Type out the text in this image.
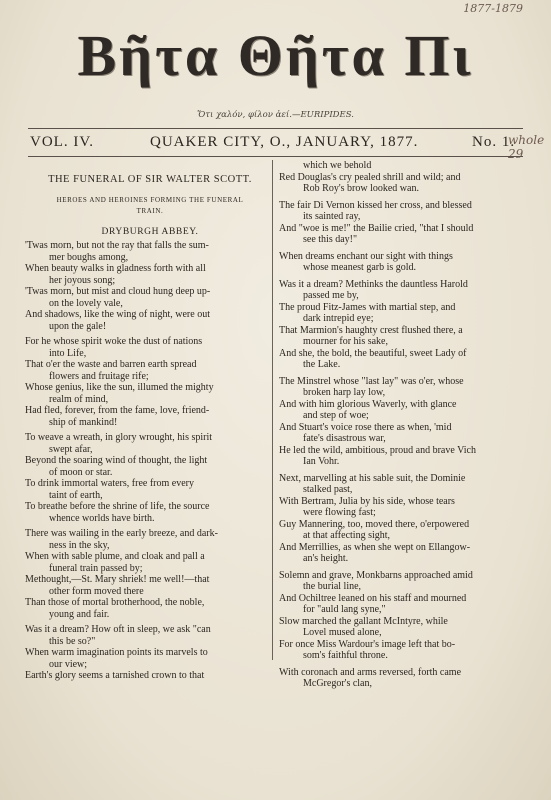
1877-1879
Βῆτα Θῆτα Πι
Ὅτι χαλόν, φίλον ἀεί.—EURIPIDES.
VOL. IV.	QUAKER CITY, O., JANUARY, 1877.	No. 1.
whole
29
THE FUNERAL OF SIR WALTER SCOTT.
HEROES AND HEROINES FORMING THE FUNERAL
TRAIN.
DRYBURGH ABBEY.
'Twas morn, but not the ray that falls the sum-
mer boughs among,
When beauty walks in gladness forth with all
her joyous song;
'Twas morn, but mist and cloud hung deep up-
on the lovely vale,
And shadows, like the wing of night, were out
upon the gale!
For he whose spirit woke the dust of nations
into Life,
That o'er the waste and barren earth spread
flowers and fruitage rife;
Whose genius, like the sun, illumed the mighty
realm of mind,
Had fled, forever, from the fame, love, friend-
ship of mankind!
To weave a wreath, in glory wrought, his spirit
swept afar,
Beyond the soaring wind of thought, the light
of moon or star.
To drink immortal waters, free from every
taint of earth,
To breathe before the shrine of life, the source
whence worlds have birth.
There was wailing in the early breeze, and dark-
ness in the sky,
When with sable plume, and cloak and pall a
funeral train passed by;
Methought,—St. Mary shriek! me well!—that
other form moved there
Than those of mortal brotherhood, the noble,
young and fair.
Was it a dream? How oft in sleep, we ask "can
this be so?"
When warm imagination points its marvels to
our view;
Earth's glory seems a tarnished crown to that
which we behold
Red Douglas's cry pealed shrill and wild; and
Rob Roy's brow looked wan.
The fair Di Vernon kissed her cross, and blessed
its sainted ray,
And "woe is me!" the Bailie cried, "that I should
see this day!"
When dreams enchant our sight with things
whose meanest garb is gold.
Was it a dream? Methinks the dauntless Harold
passed me by,
The proud Fitz-James with martial step, and
dark intrepid eye;
That Marmion's haughty crest flushed there, a
mourner for his sake,
And she, the bold, the beautiful, sweet Lady of
the Lake.
The Minstrel whose "last lay" was o'er, whose
broken harp lay low,
And with him glorious Waverly, with glance
and step of woe;
And Stuart's voice rose there as when, 'mid
fate's disastrous war,
He led the wild, ambitious, proud and brave Vich
Ian Vohr.
Next, marvelling at his sable suit, the Dominie
stalked past,
With Bertram, Julia by his side, whose tears
were flowing fast;
Guy Mannering, too, moved there, o'erpowered
at that affecting sight,
And Merrillies, as when she wept on Ellangow-
an's height.
Solemn and grave, Monkbarns approached amid
the burial line,
And Ochiltree leaned on his staff and mourned
for "auld lang syne,"
Slow marched the gallant McIntyre, while
Lovel mused alone,
For once Miss Wardour's image left that bo-
som's faithful throne.
With coronach and arms reversed, forth came
McGregor's clan,
